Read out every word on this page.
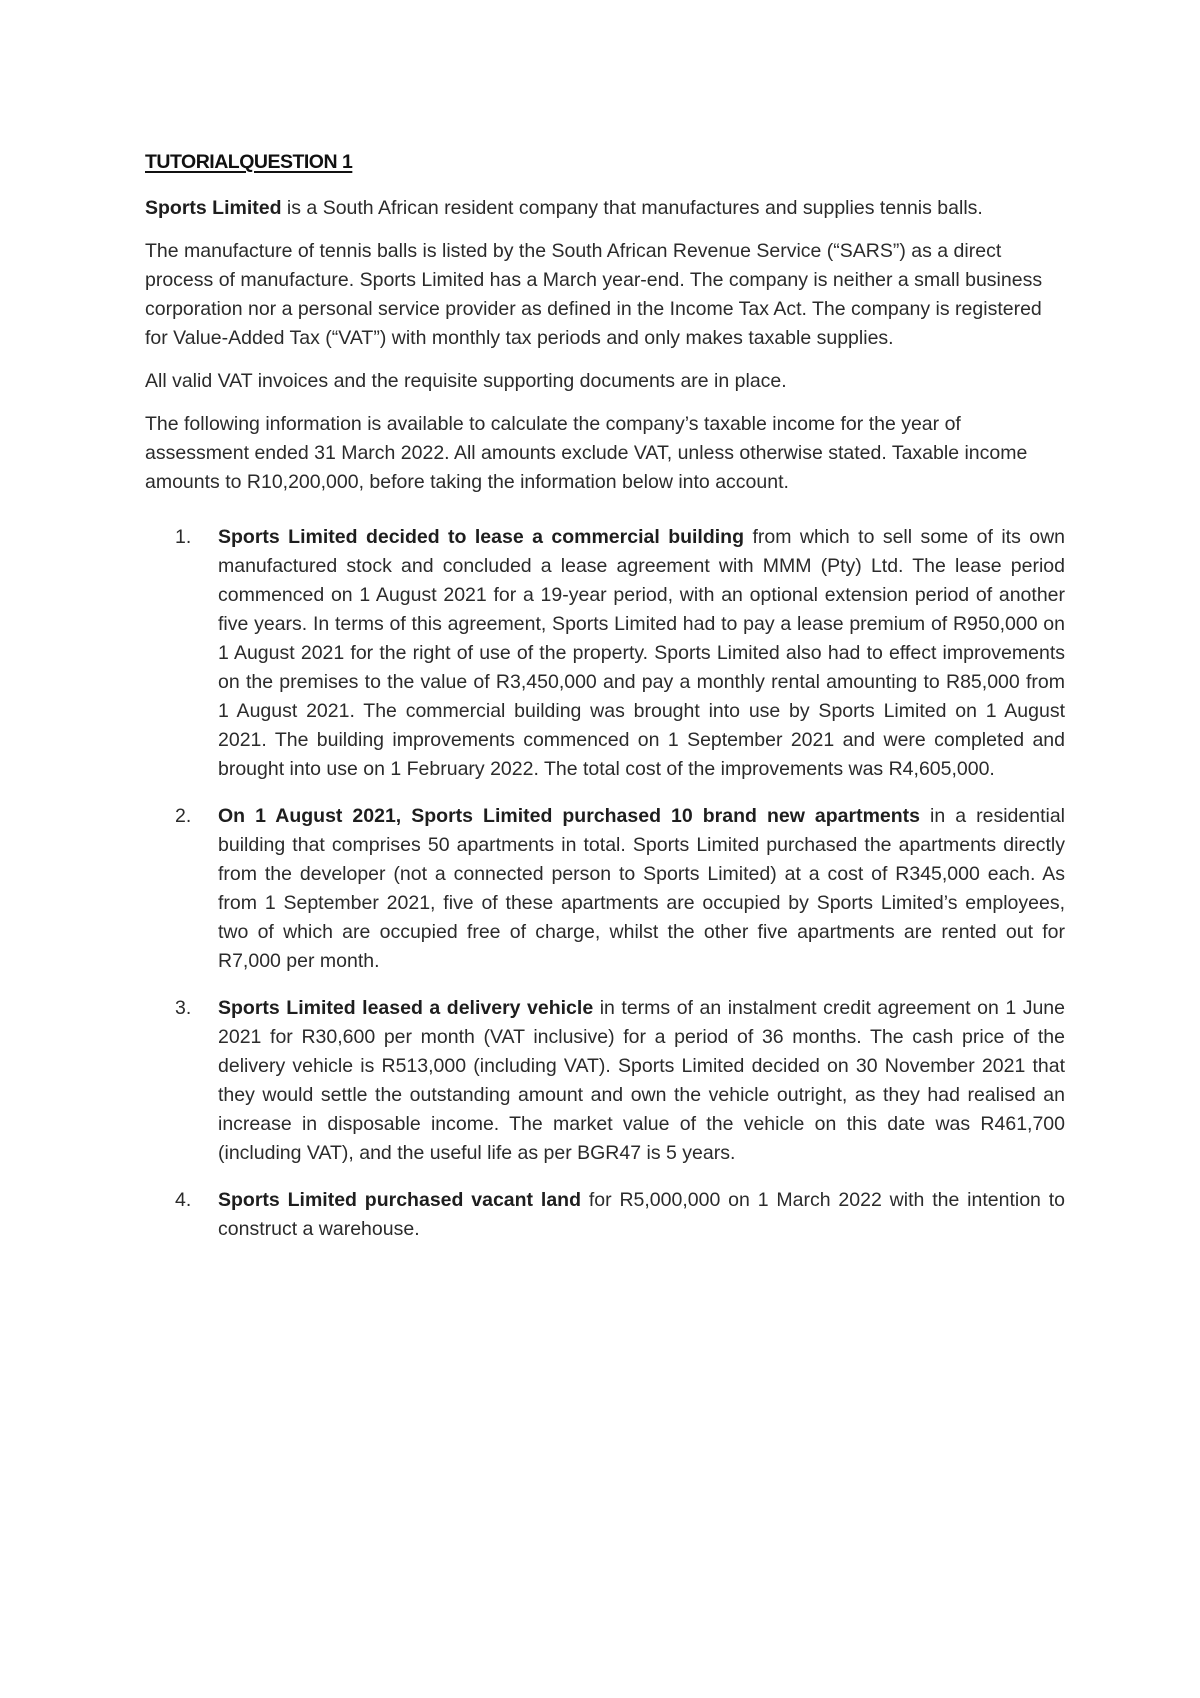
TUTORIALQUESTION 1

Sports Limited is a South African resident company that manufactures and supplies tennis balls.

The manufacture of tennis balls is listed by the South African Revenue Service (“SARS”) as a direct process of manufacture. Sports Limited has a March year-end. The company is neither a small business corporation nor a personal service provider as defined in the Income Tax Act. The company is registered for Value-Added Tax (“VAT”) with monthly tax periods and only makes taxable supplies.

All valid VAT invoices and the requisite supporting documents are in place.

The following information is available to calculate the company’s taxable income for the year of assessment ended 31 March 2022. All amounts exclude VAT, unless otherwise stated. Taxable income amounts to R10,200,000, before taking the information below into account.

1. Sports Limited decided to lease a commercial building from which to sell some of its own manufactured stock and concluded a lease agreement with MMM (Pty) Ltd. The lease period commenced on 1 August 2021 for a 19-year period, with an optional extension period of another five years. In terms of this agreement, Sports Limited had to pay a lease premium of R950,000 on 1 August 2021 for the right of use of the property. Sports Limited also had to effect improvements on the premises to the value of R3,450,000 and pay a monthly rental amounting to R85,000 from 1 August 2021. The commercial building was brought into use by Sports Limited on 1 August 2021. The building improvements commenced on 1 September 2021 and were completed and brought into use on 1 February 2022. The total cost of the improvements was R4,605,000.
2. On 1 August 2021, Sports Limited purchased 10 brand new apartments in a residential building that comprises 50 apartments in total. Sports Limited purchased the apartments directly from the developer (not a connected person to Sports Limited) at a cost of R345,000 each. As from 1 September 2021, five of these apartments are occupied by Sports Limited’s employees, two of which are occupied free of charge, whilst the other five apartments are rented out for R7,000 per month.
3. Sports Limited leased a delivery vehicle in terms of an instalment credit agreement on 1 June 2021 for R30,600 per month (VAT inclusive) for a period of 36 months. The cash price of the delivery vehicle is R513,000 (including VAT). Sports Limited decided on 30 November 2021 that they would settle the outstanding amount and own the vehicle outright, as they had realised an increase in disposable income. The market value of the vehicle on this date was R461,700 (including VAT), and the useful life as per BGR47 is 5 years.
4. Sports Limited purchased vacant land for R5,000,000 on 1 March 2022 with the intention to construct a warehouse.
